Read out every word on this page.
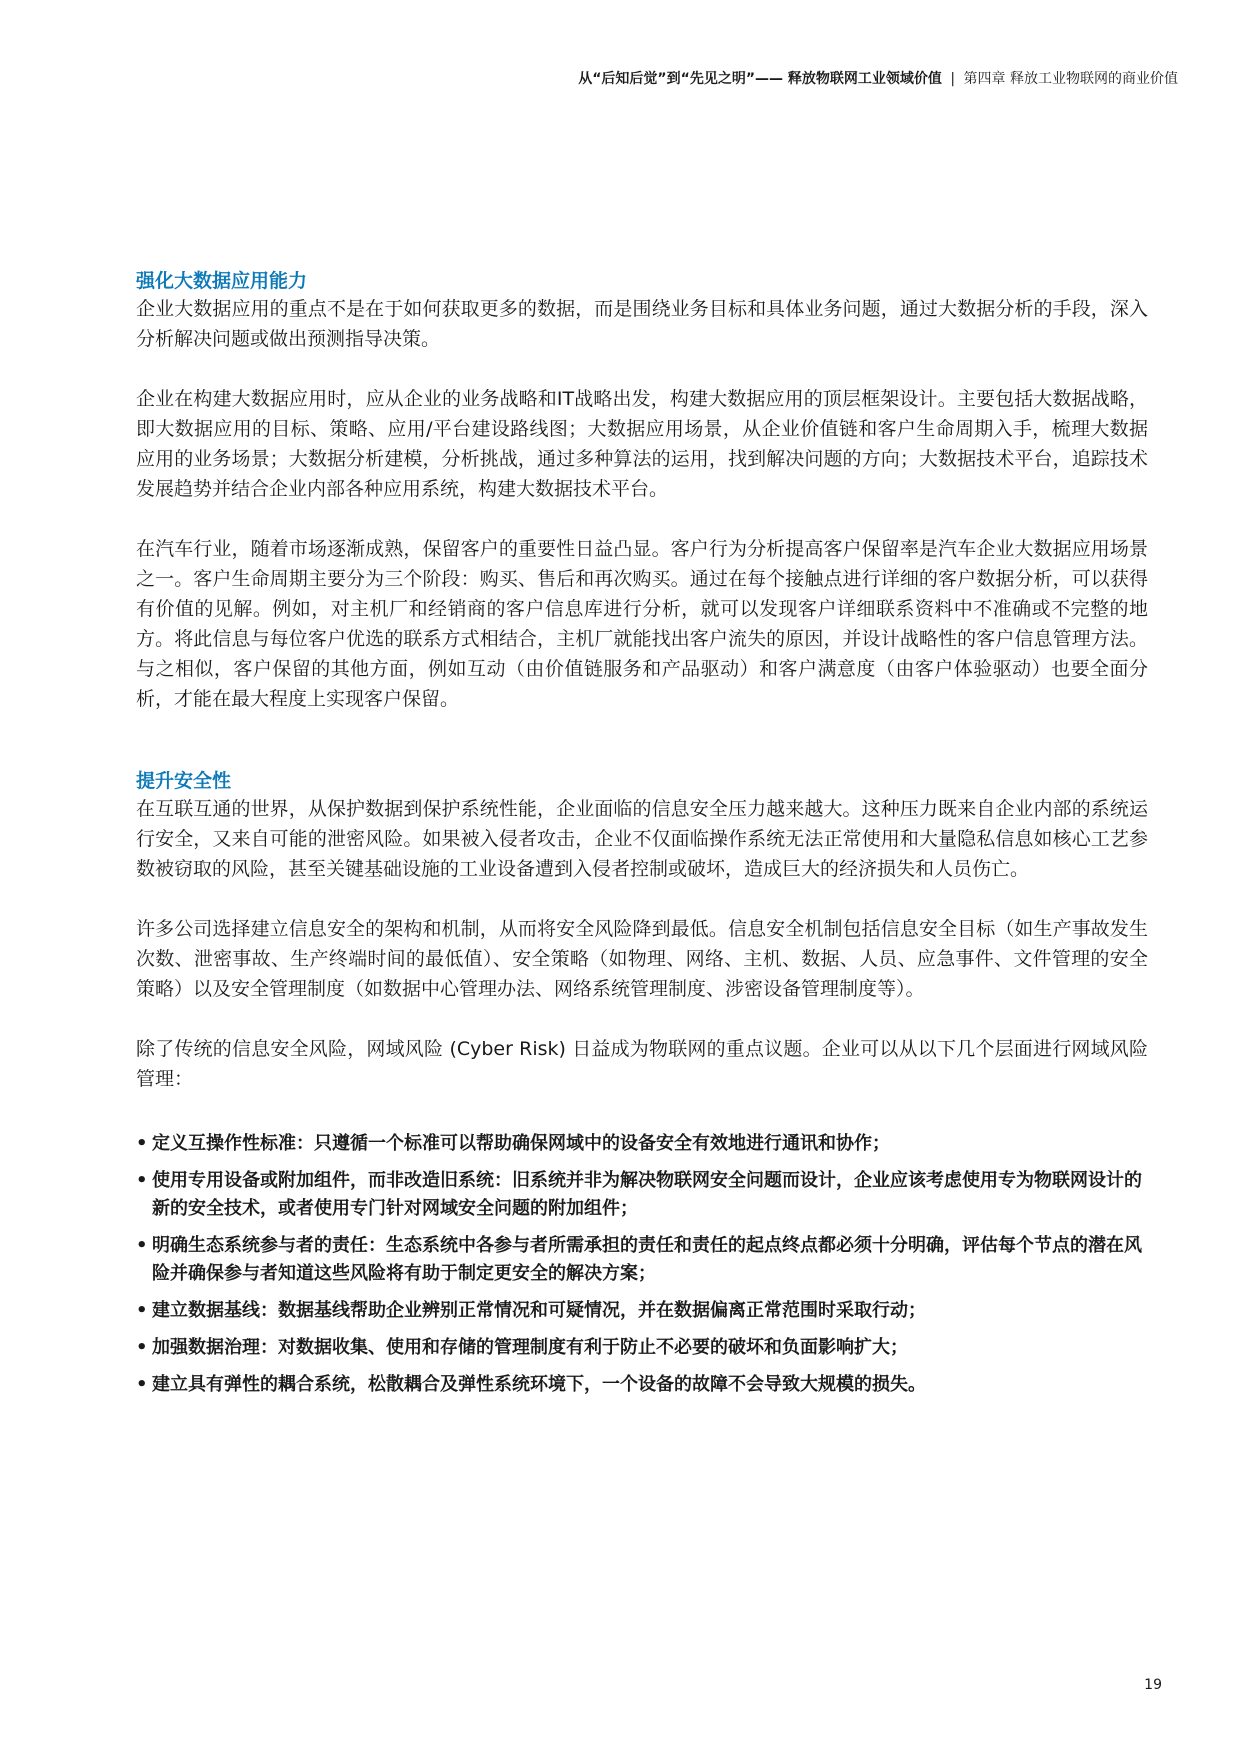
从“后知后觉”到“先见之明”—— 释放物联网工业领域价值 | 第四章 释放工业物联网的商业价值
强化大数据应用能力

企业大数据应用的重点不是在于如何获取更多的数据，而是围绕业务目标和具体业务问题，通过大数据分析的手段，深入分析解决问题或做出预测指导决策。

企业在构建大数据应用时，应从企业的业务战略和IT战略出发，构建大数据应用的顶层框架设计。主要包括大数据战略，即大数据应用的目标、策略、应用/平台建设路线图；大数据应用场景，从企业价值链和客户生命周期入手，梳理大数据应用的业务场景；大数据分析建模，分析挑战，通过多种算法的运用，找到解决问题的方向；大数据技术平台，追踪技术发展趋势并结合企业内部各种应用系统，构建大数据技术平台。

在汽车行业，随着市场逐渐成熟，保留客户的重要性日益凸显。客户行为分析提高客户保留率是汽车企业大数据应用场景之一。客户生命周期主要分为三个阶段：购买、售后和再次购买。通过在每个接触点进行详细的客户数据分析，可以获得有价值的见解。例如，对主机厂和经销商的客户信息库进行分析，就可以发现客户详细联系资料中不准确或不完整的地方。将此信息与每位客户优选的联系方式相结合，主机厂就能找出客户流失的原因，并设计战略性的客户信息管理方法。与之相似，客户保留的其他方面，例如互动（由价值链服务和产品驱动）和客户满意度（由客户体验驱动）也要全面分析，才能在最大程度上实现客户保留。

提升安全性

在互联互通的世界，从保护数据到保护系统性能，企业面临的信息安全压力越来越大。这种压力既来自企业内部的系统运行安全，又来自可能的泄密风险。如果被入侵者攻击，企业不仅面临操作系统无法正常使用和大量隐私信息如核心工艺参数被窃取的风险，甚至关键基础设施的工业设备遭到入侵者控制或破坏，造成巨大的经济损失和人员伤亡。

许多公司选择建立信息安全的架构和机制，从而将安全风险降到最低。信息安全机制包括信息安全目标（如生产事故发生次数、泄密事故、生产终端时间的最低值）、安全策略（如物理、网络、主机、数据、人员、应急事件、文件管理的安全策略）以及安全管理制度（如数据中心管理办法、网络系统管理制度、涉密设备管理制度等）。

除了传统的信息安全风险，网域风险 (Cyber Risk) 日益成为物联网的重点议题。企业可以从以下几个层面进行网域风险管理：

• 定义互操作性标准：只遵循一个标准可以帮助确保网域中的设备安全有效地进行通讯和协作；
• 使用专用设备或附加组件，而非改造旧系统：旧系统并非为解决物联网安全问题而设计，企业应该考虑使用专为物联网设计的新的安全技术，或者使用专门针对网域安全问题的附加组件；
• 明确生态系统参与者的责任：生态系统中各参与者所需承担的责任和责任的起点终点都必须十分明确，评估每个节点的潜在风险并确保参与者知道这些风险将有助于制定更安全的解决方案；
• 建立数据基线：数据基线帮助企业辨别正常情况和可疑情况，并在数据偏离正常范围时采取行动；
• 加强数据治理：对数据收集、使用和存储的管理制度有利于防止不必要的破坏和负面影响扩大；
• 建立具有弹性的耦合系统，松散耦合及弹性系统环境下，一个设备的故障不会导致大规模的损失。
19
